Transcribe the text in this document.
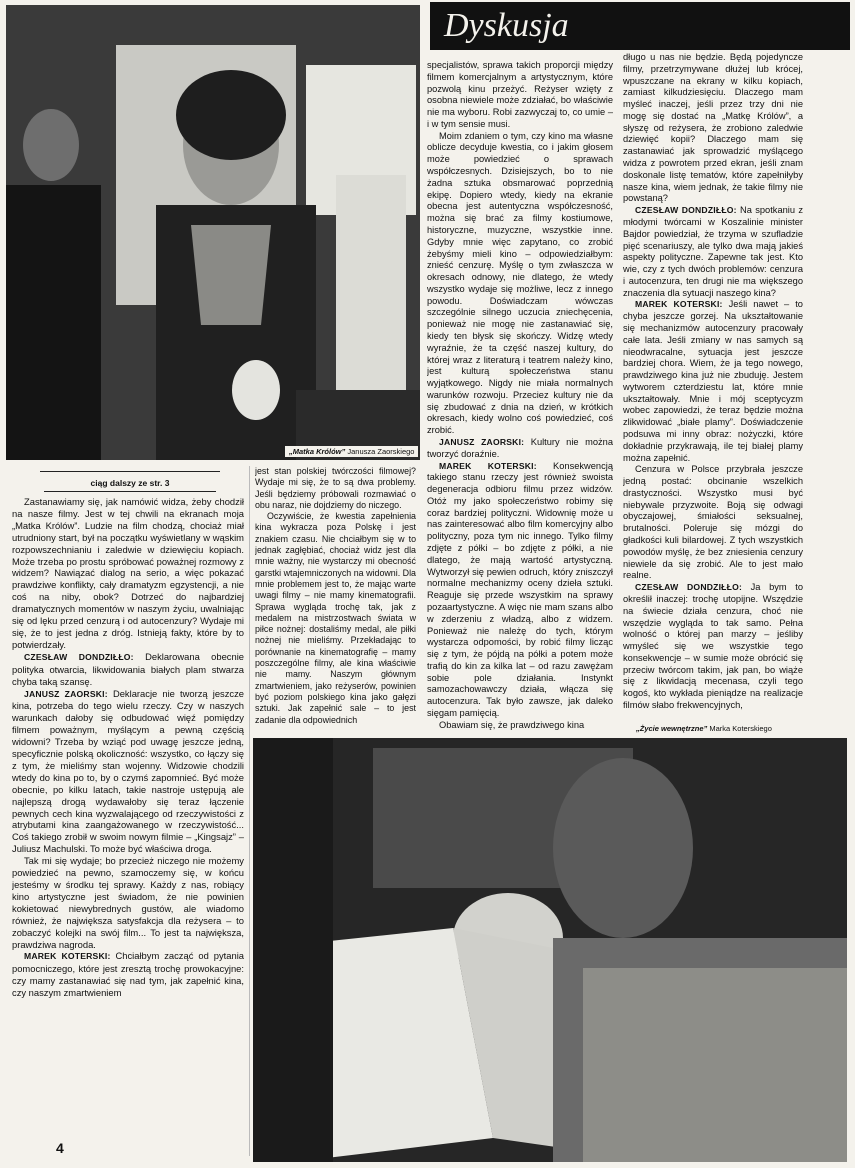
„Matka Królów” Janusza Zaorskiego
„Życie wewnętrzne” Marka Koterskiego
Dyskusja
ciąg dalszy ze str. 3

Zastanawiamy się, jak namówić widza, żeby chodził na nasze filmy. Jest w tej chwili na ekranach moja „Matka Królów”. Ludzie na film chodzą, chociaż miał utrudniony start, był na początku wyświetlany w wąskim rozpowszechnianiu i zaledwie w dziewięciu kopiach. Może trzeba po prostu spróbować poważnej rozmowy z widzem? Nawiązać dialog na serio, a więc pokazać prawdziwe konflikty, cały dramatyzm egzystencji, a nie coś na niby, obok? Dotrzeć do najbardziej dramatycznych momentów w naszym życiu, uwalniając się od lęku przed cenzurą i od autocenzury? Wydaje mi się, że to jest jedna z dróg. Istnieją fakty, które by to potwierdzały.

CZESŁAW DONDZIŁŁO: Deklarowana obecnie polityka otwarcia, likwidowania białych plam stwarza chyba taką szansę.

JANUSZ ZAORSKI: Deklaracje nie tworzą jeszcze kina, potrzeba do tego wielu rzeczy. Czy w naszych warunkach dałoby się odbudować więź pomiędzy filmem poważnym, myślącym a pewną częścią widowni? Trzeba by wziąć pod uwagę jeszcze jedną, specyficznie polską okoliczność: wszystko, co łączy się z tym, że mieliśmy stan wojenny. Widzowie chodzili wtedy do kina po to, by o czymś zapomnieć. Być może obecnie, po kilku latach, takie nastroje ustępują ale najlepszą drogą wydawałoby się teraz łączenie pewnych cech kina wyzwalającego od rzeczywistości z atrybutami kina zaangażowanego w rzeczywistość... Coś takiego zrobił w swoim nowym filmie – „Kingsajz” – Juliusz Machulski. To może być właściwa droga.

Tak mi się wydaje; bo przecież niczego nie możemy powiedzieć na pewno, szamoczemy się, w końcu jesteśmy w środku tej sprawy. Każdy z nas, robiący kino artystyczne jest świadom, że nie powinien kokietować niewybrednych gustów, ale wiadomo również, że największa satysfakcja dla reżysera – to zobaczyć kolejki na swój film... To jest ta największa, prawdziwa nagroda.

MAREK KOTERSKI: Chciałbym zacząć od pytania pomocniczego, które jest zresztą trochę prowokacyjne: czy mamy zastanawiać się nad tym, jak zapełnić kina, czy naszym zmartwieniem

jest stan polskiej twórczości filmowej? Wydaje mi się, że to są dwa problemy. Jeśli będziemy próbowali rozmawiać o obu naraz, nie dojdziemy do niczego.

Oczywiście, że kwestia zapełnienia kina wykracza poza Polskę i jest znakiem czasu. Nie chciałbym się w to jednak zagłębiać, chociaż widz jest dla mnie ważny, nie wystarczy mi obecność garstki wtajemniczonych na widowni. Dla mnie problemem jest to, że mając warte uwagi filmy – nie mamy kinematografii. Sprawa wygląda trochę tak, jak z medalem na mistrzostwach świata w piłce nożnej: dostaliśmy medal, ale piłki nożnej nie mieliśmy. Przekładając to porównanie na kinematografię – mamy poszczególne filmy, ale kina właściwie nie mamy. Naszym głównym zmartwieniem, jako reżyserów, powinien być poziom polskiego kina jako gałęzi sztuki. Jak zapełnić sale – to jest zadanie dla odpowiednich

specjalistów, sprawa takich proporcji między filmem komercjalnym a artystycznym, które pozwolą kinu przeżyć. Reżyser wzięty z osobna niewiele może zdziałać, bo właściwie nie ma wyboru. Robi zazwyczaj to, co umie – i w tym sensie musi.

Moim zdaniem o tym, czy kino ma własne oblicze decyduje kwestia, co i jakim głosem może powiedzieć o sprawach współczesnych. Dzisiejszych, bo to nie żadna sztuka obsmarować poprzednią ekipę. Dopiero wtedy, kiedy na ekranie obecna jest autentyczna współczesność, można się brać za filmy kostiumowe, historyczne, muzyczne, wszystkie inne. Gdyby mnie więc zapytano, co zrobić żebyśmy mieli kino – odpowiedziałbym: znieść cenzurę. Myślę o tym zwłaszcza w okresach odnowy, nie dlatego, że wtedy wszystko wydaje się możliwe, lecz z innego powodu. Doświadczam wówczas szczególnie silnego uczucia zniechęcenia, ponieważ nie mogę nie zastanawiać się, kiedy ten błysk się skończy. Widzę wtedy wyraźnie, że ta część naszej kultury, do której wraz z literaturą i teatrem należy kino, jest kulturą społeczeństwa stanu wyjątkowego. Nigdy nie miała normalnych warunków rozwoju. Przeciez kultury nie da się zbudować z dnia na dzień, w krótkich okresach, kiedy wolno coś powiedzieć, coś zrobić.

JANUSZ ZAORSKI: Kultury nie można tworzyć doraźnie.

MAREK KOTERSKI: Konsekwencją takiego stanu rzeczy jest również swoista degeneracja odbioru filmu przez widzów. Otóż my jako społeczeństwo robimy się coraz bardziej polityczni. Widownię może u nas zainteresować albo film komercyjny albo polityczny, poza tym nic innego. Tylko filmy zdjęte z półki – bo zdjęte z półki, a nie dlatego, że mają wartość artystyczną. Wytworzył się pewien odruch, który zniszczył normalne mechanizmy oceny dzieła sztuki. Reaguje się przede wszystkim na sprawy pozaartystyczne. A więc nie mam szans albo w zderzeniu z władzą, albo z widzem. Ponieważ nie należę do tych, którym wystarcza odpomości, by robić filmy licząc się z tym, że pójdą na półki a potem może trafią do kin za kilka lat – od razu zawężam sobie pole działania. Instynkt samozachowawczy działa, włącza się autocenzura. Tak było zawsze, jak daleko sięgam pamięcią.

Obawiam się, że prawdziwego kina

długo u nas nie będzie. Będą pojedyncze filmy, przetrzymywane dłużej lub krócej, wpuszczane na ekrany w kilku kopiach, zamiast kilkudziesięciu. Dlaczego mam myśleć inaczej, jeśli przez trzy dni nie mogę się dostać na „Matkę Królów”, a słyszę od reżysera, że zrobiono zaledwie dziewięć kopii? Dlaczego mam się zastanawiać jak sprowadzić myślącego widza z powrotem przed ekran, jeśli znam doskonale listę tematów, które zapełniłyby nasze kina, wiem jednak, że takie filmy nie powstaną?

CZESŁAW DONDZIŁŁO: Na spotkaniu z młodymi twórcami w Koszalinie minister Bajdor powiedział, że trzyma w szufladzie pięć scenariuszy, ale tylko dwa mają jakieś aspekty polityczne. Zapewne tak jest. Kto wie, czy z tych dwóch problemów: cenzura i autocenzura, ten drugi nie ma większego znaczenia dla sytuacji naszego kina?

MAREK KOTERSKI: Jeśli nawet – to chyba jeszcze gorzej. Na ukształtowanie się mechanizmów autocenzury pracowały całe lata. Jeśli zmiany w nas samych są nieodwracalne, sytuacja jest jeszcze bardziej chora. Wiem, że ja tego nowego, prawdziwego kina już nie zbuduję. Jestem wytworem czterdziestu lat, które mnie ukształtowały. Mnie i mój sceptycyzm wobec zapowiedzi, że teraz będzie można zlikwidować „białe plamy”. Doświadczenie podsuwa mi inny obraz: nożyczki, które dokładnie przykrawają, ile tej białej plamy można zapełnić.

Cenzura w Polsce przybrała jeszcze jedną postać: obcinanie wszelkich drastyczności. Wszystko musi być niebywale przyzwoite. Boją się odwagi obyczajowej, śmiałości seksualnej, brutalności. Poleruje się mózgi do gładkości kuli bilardowej. Z tych wszystkich powodów myślę, że bez zniesienia cenzury niewiele da się zrobić. Ale to jest mało realne.

CZESŁAW DONDZIŁŁO: Ja bym to określił inaczej: trochę utopijne. Wszędzie na świecie działa cenzura, choć nie wszędzie wygląda to tak samo. Pełna wolność o której pan marzy – jeśliby wmyśleć się we wszystkie tego konsekwencje – w sumie może obrócić się przeciw twórcom takim, jak pan, bo wiąże się z likwidacją mecenasa, czyli tego kogoś, kto wykłada pieniądze na realizacje filmów słabo frekwencyjnych,

4
